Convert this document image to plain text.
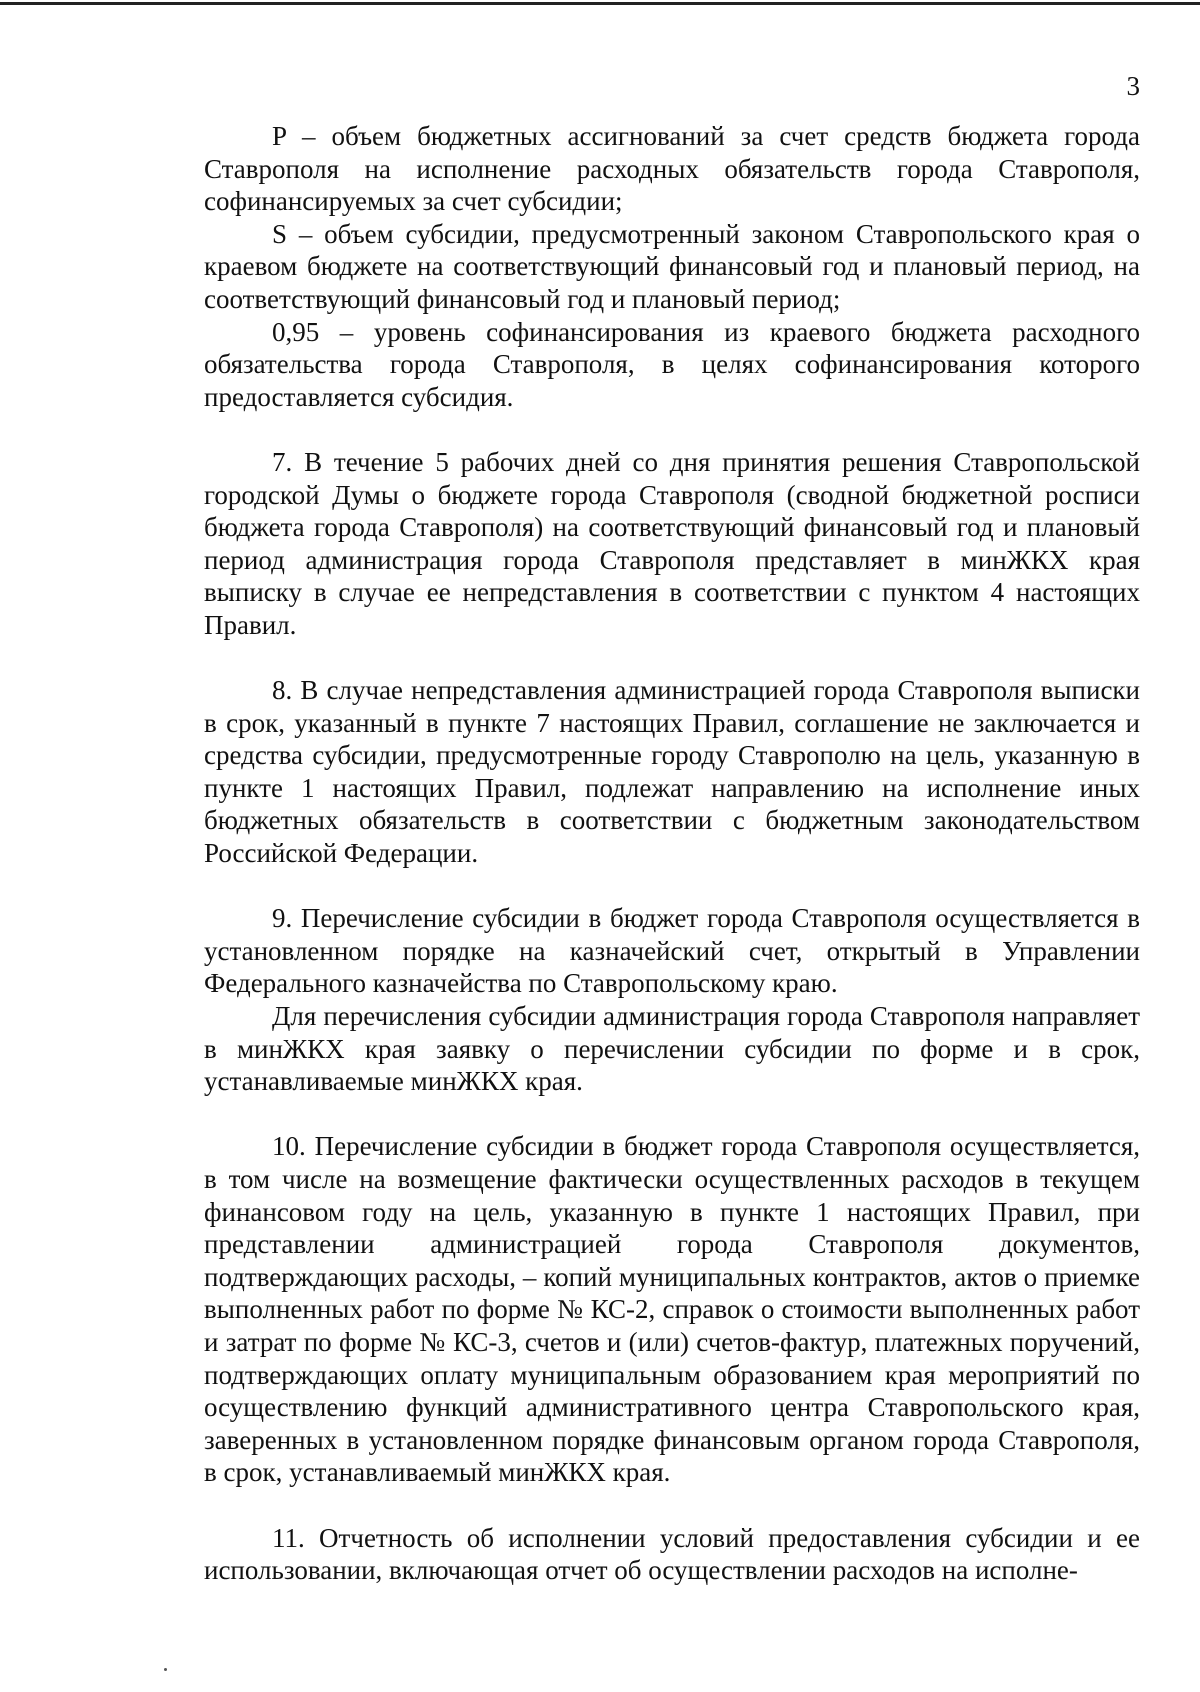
3

P – объем бюджетных ассигнований за счет средств бюджета города Ставрополя на исполнение расходных обязательств города Ставрополя, софинансируемых за счет субсидии;

S – объем субсидии, предусмотренный законом Ставропольского края о краевом бюджете на соответствующий финансовый год и плановый период, на соответствующий финансовый год и плановый период;

0,95 – уровень софинансирования из краевого бюджета расходного обязательства города Ставрополя, в целях софинансирования которого предоставляется субсидия.

7. В течение 5 рабочих дней со дня принятия решения Ставропольской городской Думы о бюджете города Ставрополя (сводной бюджетной росписи бюджета города Ставрополя) на соответствующий финансовый год и плановый период администрация города Ставрополя представляет в минЖКХ края выписку в случае ее непредставления в соответствии с пунктом 4 настоящих Правил.

8. В случае непредставления администрацией города Ставрополя выписки в срок, указанный в пункте 7 настоящих Правил, соглашение не заключается и средства субсидии, предусмотренные городу Ставрополю на цель, указанную в пункте 1 настоящих Правил, подлежат направлению на исполнение иных бюджетных обязательств в соответствии с бюджетным законодательством Российской Федерации.

9. Перечисление субсидии в бюджет города Ставрополя осуществляется в установленном порядке на казначейский счет, открытый в Управлении Федерального казначейства по Ставропольскому краю.

Для перечисления субсидии администрация города Ставрополя направляет в минЖКХ края заявку о перечислении субсидии по форме и в срок, устанавливаемые минЖКХ края.

10. Перечисление субсидии в бюджет города Ставрополя осуществляется, в том числе на возмещение фактически осуществленных расходов в текущем финансовом году на цель, указанную в пункте 1 настоящих Правил, при представлении администрацией города Ставрополя документов, подтверждающих расходы, – копий муниципальных контрактов, актов о приемке выполненных работ по форме № КС-2, справок о стоимости выполненных работ и затрат по форме № КС-3, счетов и (или) счетов-фактур, платежных поручений, подтверждающих оплату муниципальным образованием края мероприятий по осуществлению функций административного центра Ставропольского края, заверенных в установленном порядке финансовым органом города Ставрополя, в срок, устанавливаемый минЖКХ края.

11. Отчетность об исполнении условий предоставления субсидии и ее использовании, включающая отчет об осуществлении расходов на исполне-
